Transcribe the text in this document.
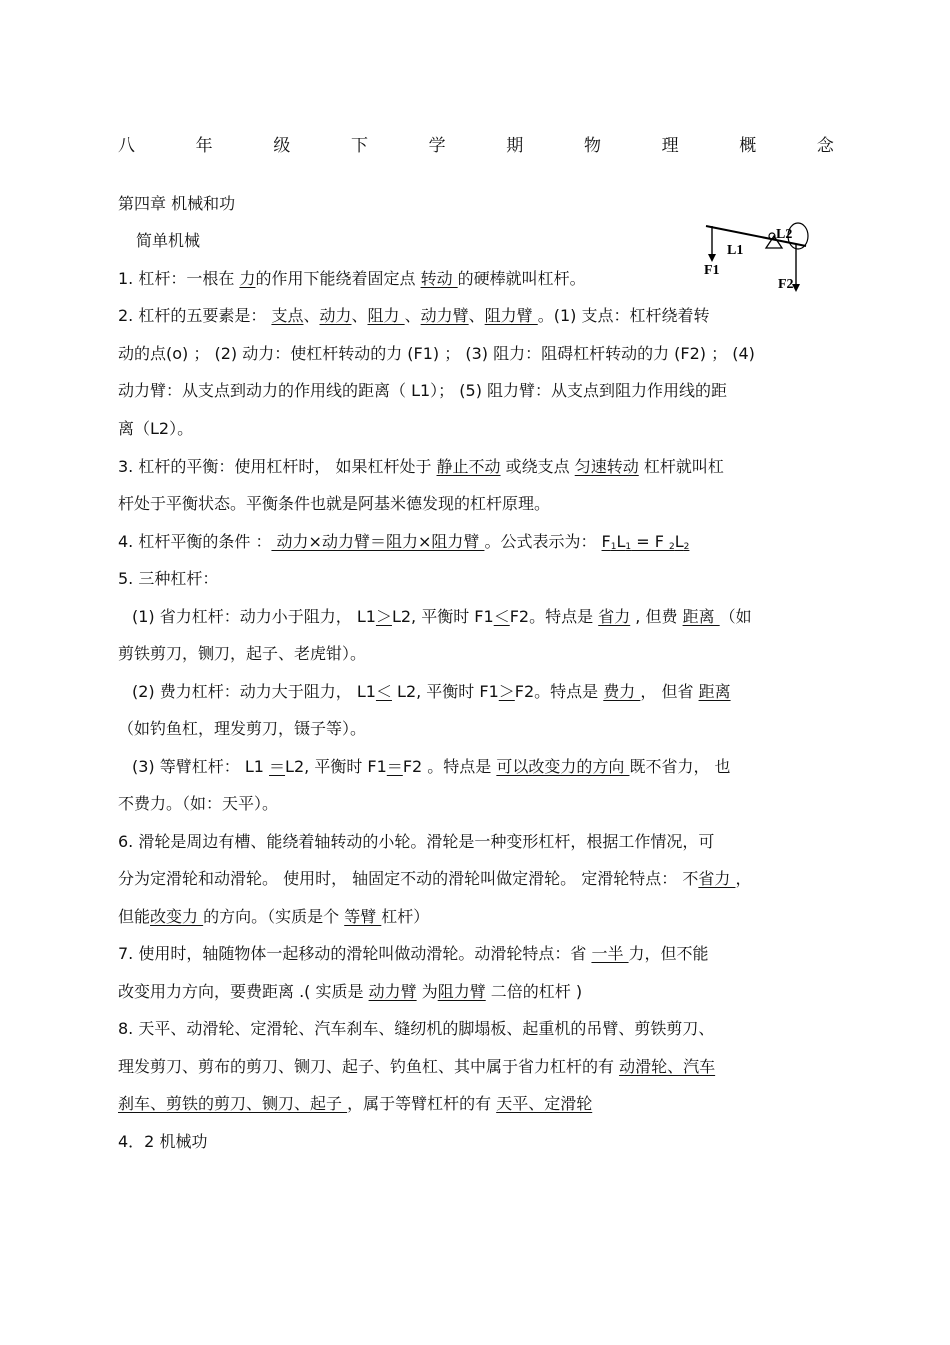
八	年	级	下	学	期	物	理	概	念
第四章 机械和功
简单机械
L1
L2
F1
F2
1. 杠杆：一根在 力的作用下能绕着固定点 转动 的硬棒就叫杠杆。
2. 杠杆的五要素是： 支点、动力、阻力 、动力臂、阻力臂 。(1) 支点：杠杆绕着转
动的点(o) ； (2) 动力：使杠杆转动的力 (F1) ； (3) 阻力：阻碍杠杆转动的力 (F2) ； (4)
动力臂：从支点到动力的作用线的距离（ L1）； (5) 阻力臂：从支点到阻力作用线的距
离（L2）。
3. 杠杆的平衡：使用杠杆时， 如果杠杆处于 静止不动 或绕支点 匀速转动 杠杆就叫杠
杆处于平衡状态。平衡条件也就是阿基米德发现的杠杆原理。
4. 杠杆平衡的条件 ： 动力×动力臂＝阻力×阻力臂 。公式表示为： $F_1L_1 = F$ $_2L_2$
5. 三种杠杆：
(1) 省力杠杆：动力小于阻力， L1＞L2, 平衡时 F1＜F2。特点是 省力 , 但费 距离 （如
剪铁剪刀，铡刀，起子、老虎钳）。
(2) 费力杠杆：动力大于阻力， L1＜ L2, 平衡时 F1＞F2。特点是 费力 ， 但省 距离
（如钓鱼杠，理发剪刀，镊子等）。
(3) 等臂杠杆： L1 ＝L2, 平衡时 F1＝F2 。特点是 可以改变力的方向 既不省力， 也
不费力。（如：天平）。
6. 滑轮是周边有槽、能绕着轴转动的小轮。滑轮是一种变形杠杆，根据工作情况，可
分为定滑轮和动滑轮。 使用时， 轴固定不动的滑轮叫做定滑轮。 定滑轮特点： 不省力 ，
但能改变力 的方向。（实质是个 等臂 杠杆）
7. 使用时，轴随物体一起移动的滑轮叫做动滑轮。动滑轮特点：省 一半 力，但不能
改变用力方向，要费距离 .( 实质是 动力臂 为阻力臂 二倍的杠杆 )
8. 天平、动滑轮、定滑轮、汽车刹车、缝纫机的脚塌板、起重机的吊臂、剪铁剪刀、
理发剪刀、剪布的剪刀、铡刀、起子、钓鱼杠、其中属于省力杠杆的有 动滑轮、汽车
刹车、剪铁的剪刀、铡刀、起子 ，属于等臂杠杆的有 天平、定滑轮
4．2 机械功
